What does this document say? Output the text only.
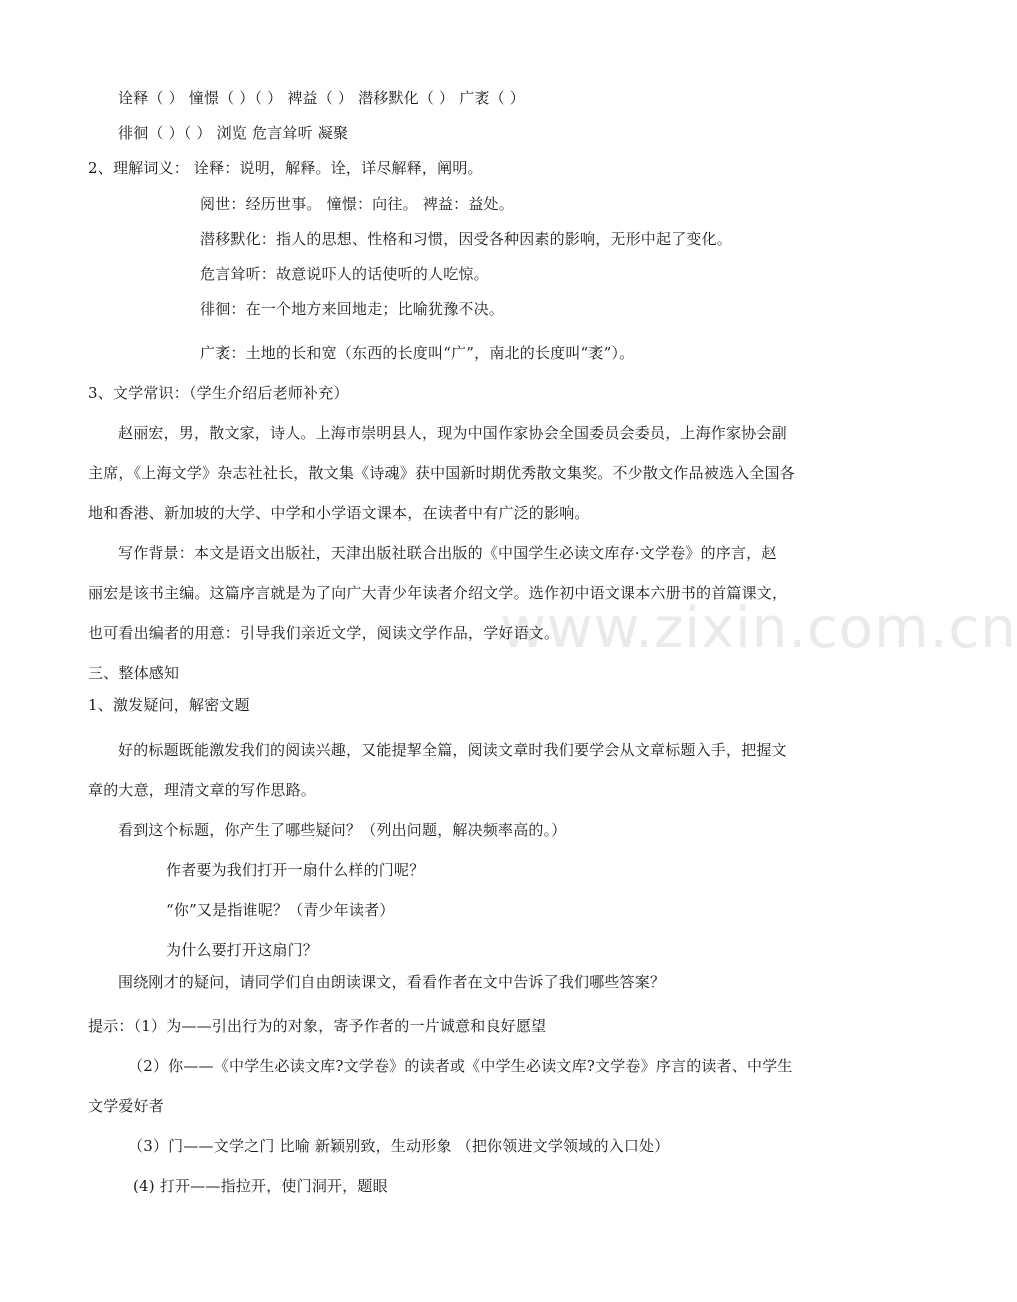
www.zixin.com.cn
诠释（ ） 憧憬（ ）（ ） 裨益（ ） 潜移默化（ ） 广袤（ ）
徘徊（ ）（ ） 浏览 危言耸听 凝聚
2、理解词义： 诠释：说明，解释。诠，详尽解释，阐明。
阅世：经历世事。 憧憬：向往。 裨益：益处。
潜移默化：指人的思想、性格和习惯，因受各种因素的影响，无形中起了变化。
危言耸听：故意说吓人的话使听的人吃惊。
徘徊：在一个地方来回地走；比喻犹豫不决。
广袤：土地的长和宽（东西的长度叫“广”，南北的长度叫“袤”）。
3、文学常识：（学生介绍后老师补充）
赵丽宏，男，散文家，诗人。上海市崇明县人，现为中国作家协会全国委员会委员，上海作家协会副
主席，《上海文学》杂志社社长，散文集《诗魂》获中国新时期优秀散文集奖。不少散文作品被选入全国各
地和香港、新加坡的大学、中学和小学语文课本，在读者中有广泛的影响。
写作背景：本文是语文出版社，天津出版社联合出版的《中国学生必读文库存·文学卷》的序言，赵
丽宏是该书主编。这篇序言就是为了向广大青少年读者介绍文学。选作初中语文课本六册书的首篇课文，
也可看出编者的用意：引导我们亲近文学，阅读文学作品，学好语文。
三、整体感知
1、激发疑问，解密文题
好的标题既能激发我们的阅读兴趣，又能提挈全篇，阅读文章时我们要学会从文章标题入手，把握文
章的大意，理清文章的写作思路。
看到这个标题，你产生了哪些疑问？（列出问题，解决频率高的。）
作者要为我们打开一扇什么样的门呢？
“你”又是指谁呢？（青少年读者）
为什么要打开这扇门？
围绕刚才的疑问，请同学们自由朗读课文，看看作者在文中告诉了我们哪些答案？
提示：（1）为——引出行为的对象，寄予作者的一片诚意和良好愿望
（2）你——《中学生必读文库?文学卷》的读者或《中学生必读文库?文学卷》序言的读者、中学生
文学爱好者
（3）门——文学之门 比喻 新颖别致，生动形象 （把你领进文学领域的入口处）
(4) 打开——指拉开，使门洞开，题眼
